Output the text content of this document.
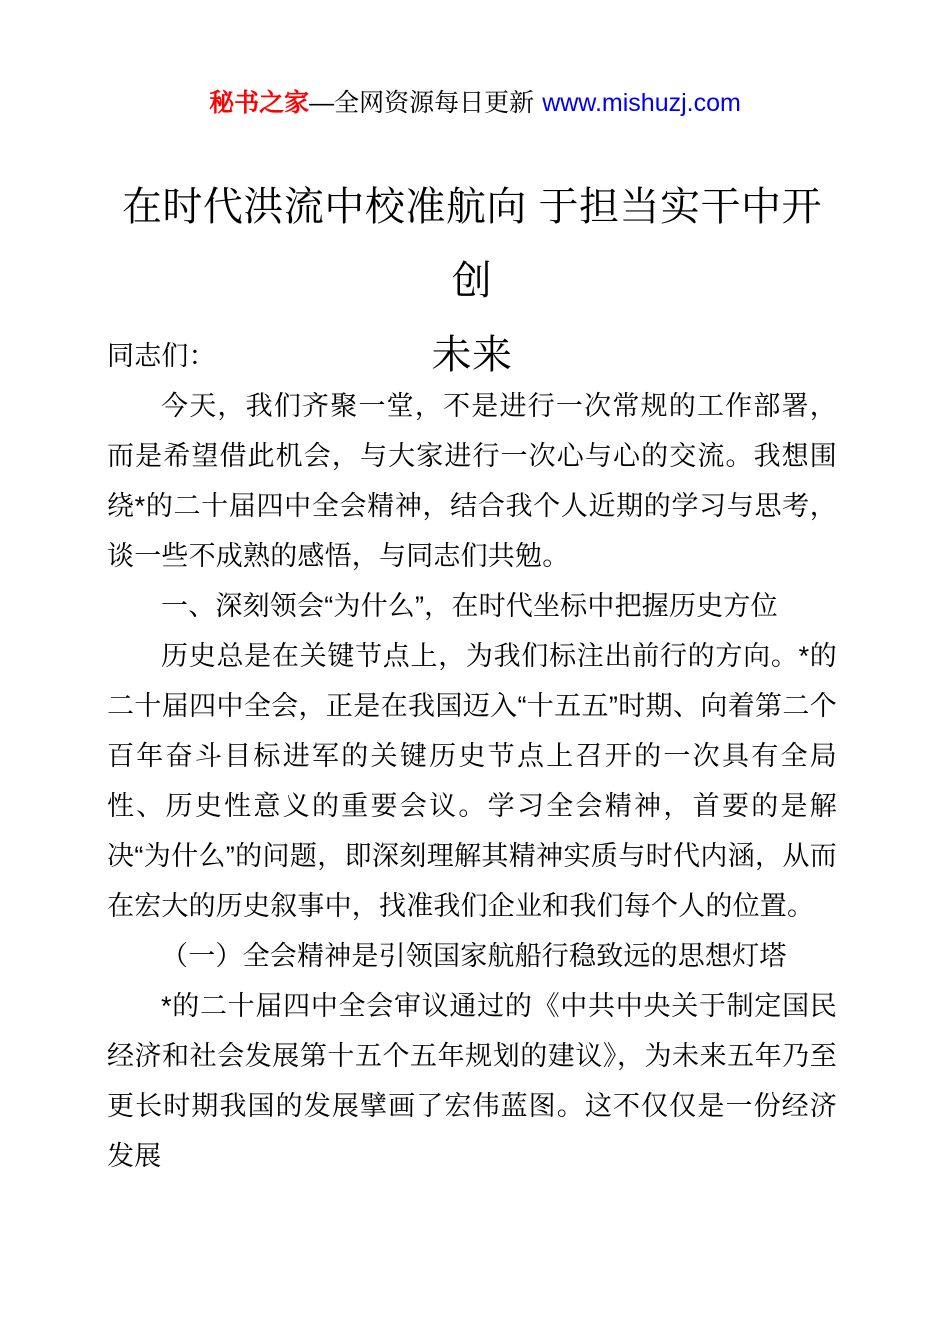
秘书之家—全网资源每日更新 www.mishuzj.com
在时代洪流中校准航向 于担当实干中开创
未来

同志们：

今天，我们齐聚一堂，不是进行一次常规的工作部署，而是希望借此机会，与大家进行一次心与心的交流。我想围绕*的二十届四中全会精神，结合我个人近期的学习与思考，谈一些不成熟的感悟，与同志们共勉。

一、深刻领会“为什么”，在时代坐标中把握历史方位

历史总是在关键节点上，为我们标注出前行的方向。*的二十届四中全会，正是在我国迈入“十五五”时期、向着第二个百年奋斗目标进军的关键历史节点上召开的一次具有全局性、历史性意义的重要会议。学习全会精神，首要的是解决“为什么”的问题，即深刻理解其精神实质与时代内涵，从而在宏大的历史叙事中，找准我们企业和我们每个人的位置。

（一）全会精神是引领国家航船行稳致远的思想灯塔

*的二十届四中全会审议通过的《中共中央关于制定国民经济和社会发展第十五个五年规划的建议》，为未来五年乃至更长时期我国的发展擘画了宏伟蓝图。这不仅仅是一份经济发展
